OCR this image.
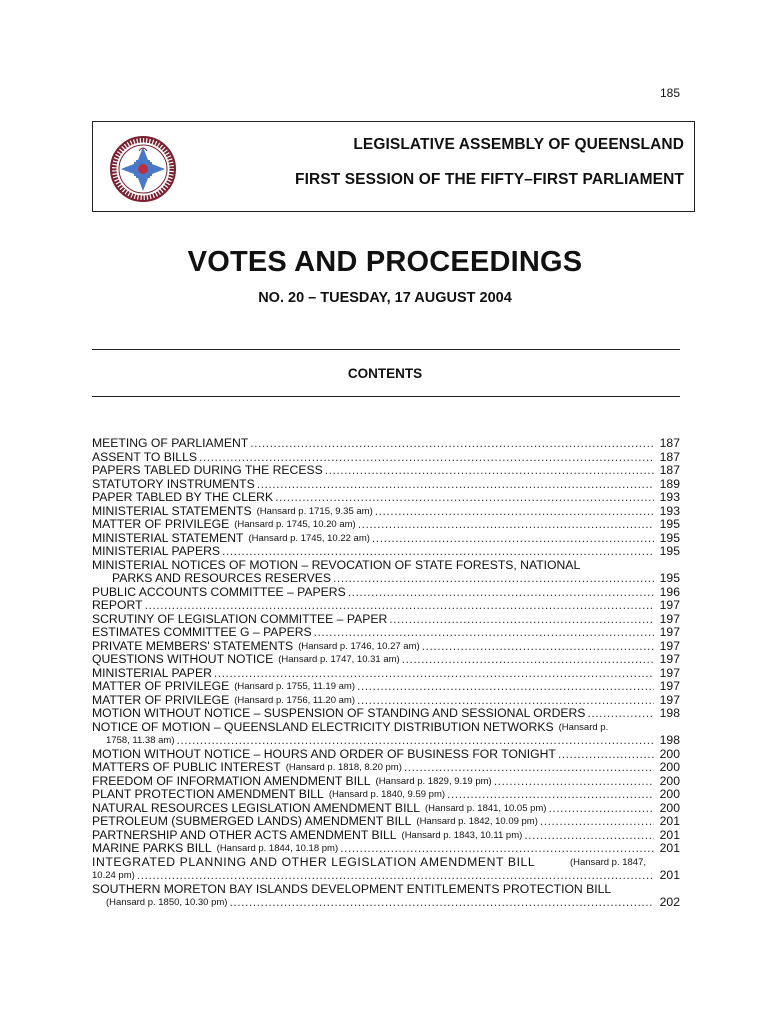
185
LEGISLATIVE ASSEMBLY OF QUEENSLAND
FIRST SESSION OF THE FIFTY–FIRST PARLIAMENT
VOTES AND PROCEEDINGS
NO. 20 – TUESDAY, 17 AUGUST 2004
CONTENTS
MEETING OF PARLIAMENT .....	187
ASSENT TO BILLS .....	187
PAPERS TABLED DURING THE RECESS .....	187
STATUTORY INSTRUMENTS .....	189
PAPER TABLED BY THE CLERK .....	193
MINISTERIAL STATEMENTS (Hansard p. 1715, 9.35 am) .....	193
MATTER OF PRIVILEGE (Hansard p. 1745, 10.20 am) .....	195
MINISTERIAL STATEMENT (Hansard p. 1745, 10.22 am) .....	195
MINISTERIAL PAPERS .....	195
MINISTERIAL NOTICES OF MOTION – REVOCATION OF STATE FORESTS, NATIONAL
PARKS AND RESOURCES RESERVES .....	195
PUBLIC ACCOUNTS COMMITTEE – PAPERS .....	196
REPORT .....	197
SCRUTINY OF LEGISLATION COMMITTEE – PAPER .....	197
ESTIMATES COMMITTEE G – PAPERS .....	197
PRIVATE MEMBERS' STATEMENTS (Hansard p. 1746, 10.27 am) .....	197
QUESTIONS WITHOUT NOTICE (Hansard p. 1747, 10.31 am) .....	197
MINISTERIAL PAPER .....	197
MATTER OF PRIVILEGE (Hansard p. 1755, 11.19 am) .....	197
MATTER OF PRIVILEGE (Hansard p. 1756, 11.20 am) .....	197
MOTION WITHOUT NOTICE – SUSPENSION OF STANDING AND SESSIONAL ORDERS .....	198
NOTICE OF MOTION – QUEENSLAND ELECTRICITY DISTRIBUTION NETWORKS (Hansard p.
1758, 11.38 am) .....	198
MOTION WITHOUT NOTICE – HOURS AND ORDER OF BUSINESS FOR TONIGHT .....	200
MATTERS OF PUBLIC INTEREST (Hansard p. 1818, 8.20 pm) .....	200
FREEDOM OF INFORMATION AMENDMENT BILL (Hansard p. 1829, 9.19 pm) .....	200
PLANT PROTECTION AMENDMENT BILL (Hansard p. 1840, 9.59 pm) .....	200
NATURAL RESOURCES LEGISLATION AMENDMENT BILL (Hansard p. 1841, 10.05 pm) .....	200
PETROLEUM (SUBMERGED LANDS) AMENDMENT BILL (Hansard p. 1842, 10.09 pm) .....	201
PARTNERSHIP AND OTHER ACTS AMENDMENT BILL (Hansard p. 1843, 10.11 pm) .....	201
MARINE PARKS BILL (Hansard p. 1844, 10.18 pm) .....	201
INTEGRATED PLANNING AND OTHER LEGISLATION AMENDMENT BILL	(Hansard p. 1847,
10.24 pm) .....	201
SOUTHERN MORETON BAY ISLANDS DEVELOPMENT ENTITLEMENTS PROTECTION BILL
(Hansard p. 1850, 10.30 pm) .....	202
